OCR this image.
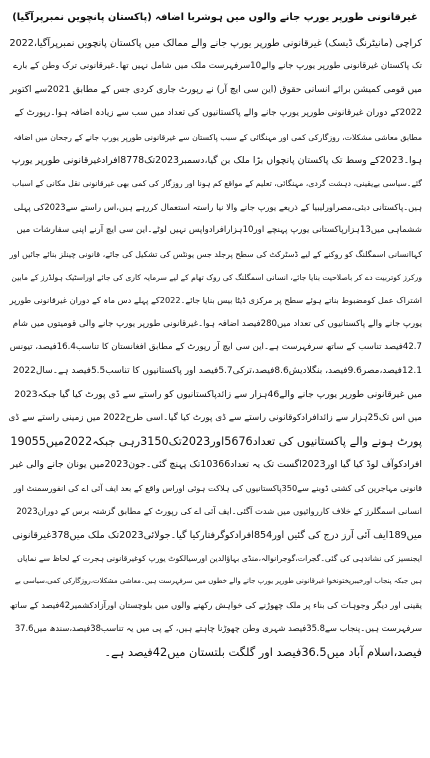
غیرقانونی طورپر یورپ جانے والوں میں ہوشربا اضافہ (پاکستان پانچویں نمبرپرآگیا)
کراچی (مانیٹرنگ ڈیسک) غیرقانونی طورپر یورپ جانے والے ممالک میں پاکستان پانچویں نمبرپرآگیا،2022
تک پاکستان غیرقانونی طورپر یورپ جانے والے10سرفہرست ملک میں شامل نہیں تھا۔غیرقانونی ترک وطن کے بارے
میں قومی کمیشن برائے انسانی حقوق (این سی ایچ آر) نے رپورٹ جاری کردی جس کے مطابق 2021سے اکتوبر
2022کے دوران غیرقانونی طورپر یورپ جانے والے پاکستانیوں کی تعداد میں سب سے زیادہ اضافہ ہوا۔رپورٹ کے
مطابق معاشی مشکلات، روزگارکی کمی اور مہنگائی کے سبب پاکستان سے غیرقانونی طورپر یورپ جانے کے رجحان میں اضافہ
ہوا۔2023کے وسط تک پاکستان پانچواں بڑا ملک بن گیا،دسمبر2023تک8778افرادغیرقانونی طورپر یورپ
گئے۔سیاسی بےیقینی، دہشت گردی، مہنگائی، تعلیم کے مواقع کم ہونا اور روزگار کی کمی بھی غیرقانونی نقل مکانی کے اسباب
ہیں۔پاکستانی دبئی،مصراورلیبیا کے ذریعے یورپ جانے والا نیا راستہ استعمال کررہے ہیں،اس راستے سے2023کی پہلی
ششماہی میں13ہزارپاکستانی یورپ پہنچے اور10ہزارافرادواپس نہیں لوٹے۔این سی ایچ آرنے اپنی سفارشات میں
کہاانسانی اسمگلنگ کو روکنے کے لیے ڈسٹرکٹ کی سطح پرجلد جس یونٹس کی تشکیل کی جائے، قانونی چینلز بنائے جائیں اور
ورکرز کوتربیت دے کر باصلاحیت بنایا جائے، انسانی اسمگلنگ کی روک تھام کے لیے سرمایہ کاری کی جائے اوراسٹیک ہولڈرز کے مابین
اشتراک عمل کومضبوط بناتے ہوئے سطح پر مرکزی ڈیٹا بیس بنایا جائے۔2022کے پہلے دس ماہ کے دوران غیرقانونی طورپر
یورپ جانے والے پاکستانیوں کی تعداد میں280فیصد اضافہ ہوا۔غیرقانونی طورپر یورپ جانے والی قومیتوں میں شام
42.7فیصد تناسب کے ساتھ سرفہرست ہے۔این سی ایچ آر رپورٹ کے مطابق افغانستان کا تناسب16.4فیصد، تیونس
12.1فیصد،مصر9.6فیصد، بنگلادیش8.6فیصد،ترکی5.7فیصد اور پاکستانیوں کا تناسب5.5فیصد ہے۔سال2022
میں غیرقانونی طورپر یورپ جانے والے46ہزار سے زائدپاکستانیوں کو راستے سے ڈی پورٹ کیا گیا جبکہ2023
میں اس تک25ہزار سے زائدافرادکوقانونی راستے سے ڈی پورٹ کیا گیا۔اسی طرح2022 میں زمینی راستے سے ڈی
پورٹ ہونے والے پاکستانیوں کی تعداد5676اور2023تک3150رہی جبکہ2022میں19055
افرادکوآف لوڈ کیا گیا اور2023اگست تک یہ تعداد10366تک پہنچ گئی۔جون2023میں یونان جانے والی غیر
قانونی مہاجرین کی کشتی ڈوبنے سے350پاکستانیوں کی ہلاکت ہوئی اوراس واقع کے بعد ایف آئی اے کی انفورسمنٹ اور
انسانی اسمگلرز کے خلاف کارروائیوں میں شدت آگئی۔ایف آئی اے کی رپورٹ کے مطابق گزشتہ برس کے دوران2023
میں189ایف آئی آرز درج کی گئیں اور854افرادکوگرفتارکیا گیا۔جولائی2023تک ملک میں378غیرقانونی
ایجنسیز کی نشاندہی کی گئی۔گجرات،گوجرانوالہ،منڈی بہاؤالدین اورسیالکوٹ یورپ کوغیرقانونی ہجرت کے لحاظ سے نمایاں
ہیں جبکہ پنجاب اورخیبرپختونخوا غیرقانونی طورپر یورپ جانے والے خطوں میں سرفہرست ہیں۔معاشی مشکلات،روزگارکی کمی،سیاسی بے
یقینی اور دیگر وجوہات کی بناء پر ملک چھوڑنے کی خواہش رکھنے والوں میں بلوچستان اورآزادکشمیر42فیصد کے ساتھ
سرفہرست ہیں۔پنجاب سے35.8فیصد شہری وطن چھوڑنا چاہتے ہیں، کے پی میں یہ تناسب38فیصد،سندھ میں37.6
فیصد،اسلام آباد میں36.5فیصد اور گلگت بلتستان میں42فیصد ہے۔
